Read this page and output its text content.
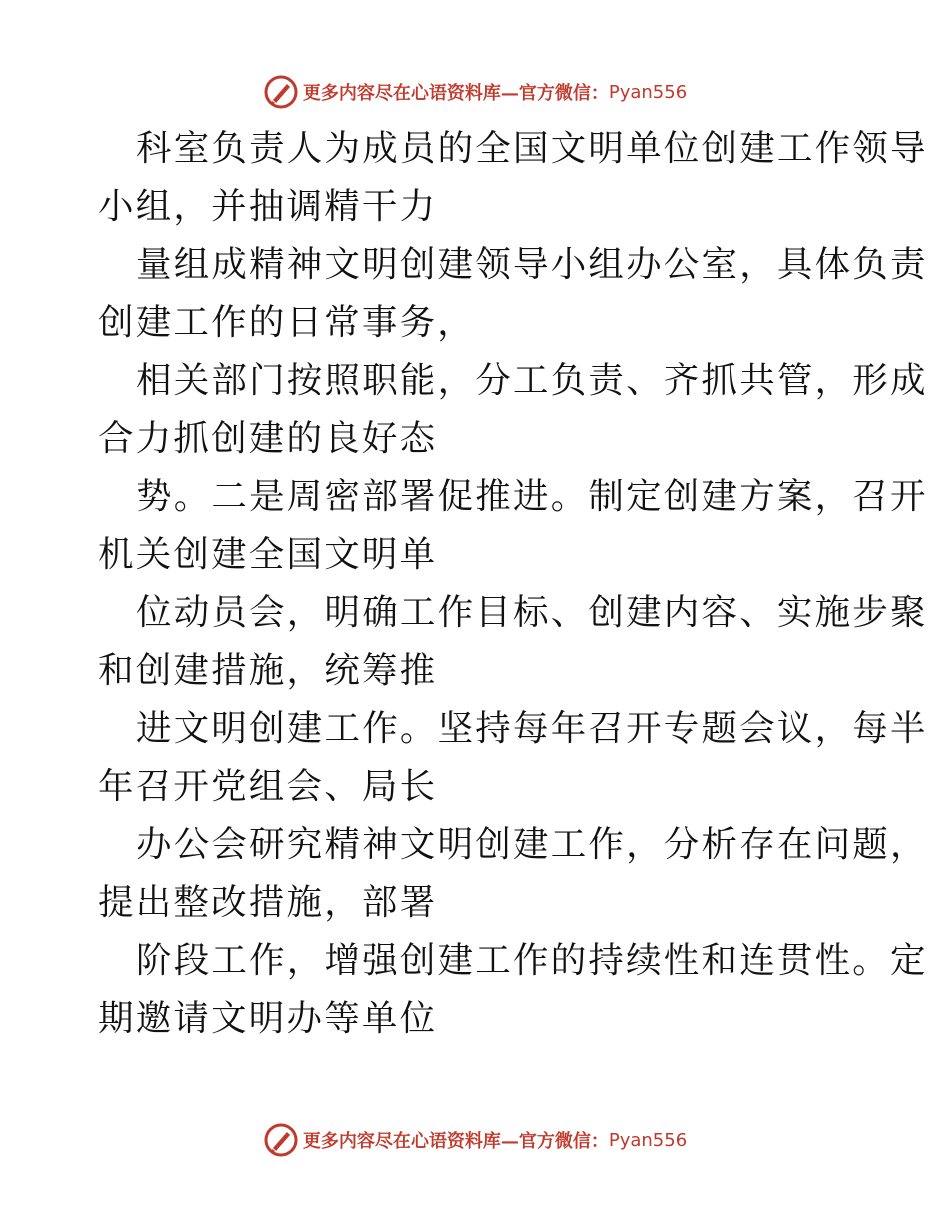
更多内容尽在心语资料库—官方微信： Pyan556
科室负责人为成员的全国文明单位创建工作领导
小组，并抽调精干力
量组成精神文明创建领导小组办公室，具体负责
创建工作的日常事务，
相关部门按照职能，分工负责、齐抓共管，形成
合力抓创建的良好态
势。二是周密部署促推进。制定创建方案，召开
机关创建全国文明单
位动员会，明确工作目标、创建内容、实施步聚
和创建措施，统筹推
进文明创建工作。坚持每年召开专题会议，每半
年召开党组会、局长
办公会研究精神文明创建工作，分析存在问题，
提出整改措施，部署
阶段工作，增强创建工作的持续性和连贯性。定
期邀请文明办等单位
更多内容尽在心语资料库—官方微信： Pyan556
